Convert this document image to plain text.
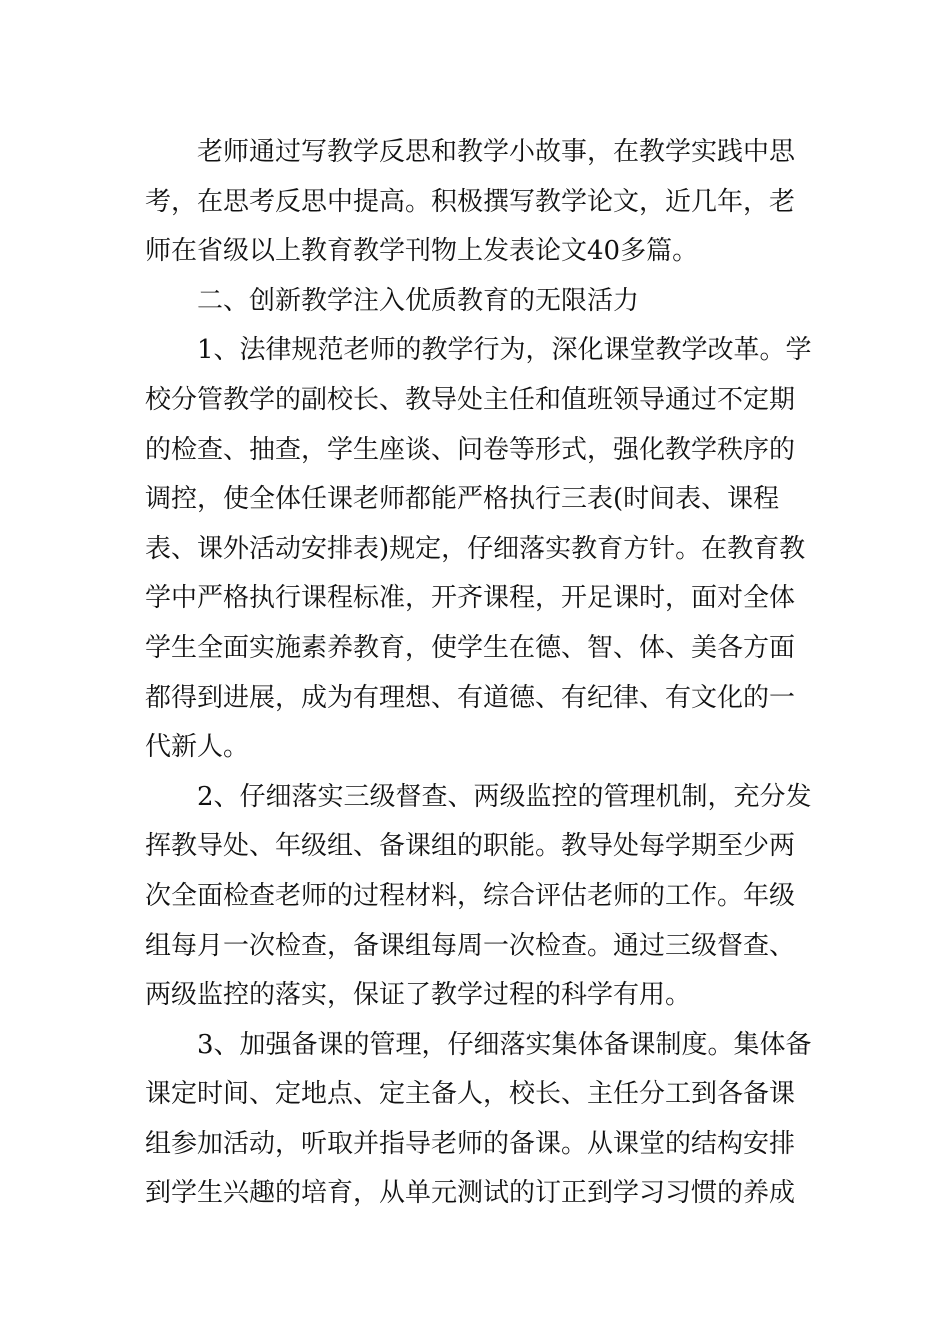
老师通过写教学反思和教学小故事，在教学实践中思考，在思考反思中提高。积极撰写教学论文，近几年，老师在省级以上教育教学刊物上发表论文40多篇。

二、创新教学注入优质教育的无限活力

1、法律规范老师的教学行为，深化课堂教学改革。学校分管教学的副校长、教导处主任和值班领导通过不定期的检查、抽查，学生座谈、问卷等形式，强化教学秩序的调控，使全体任课老师都能严格执行三表(时间表、课程表、课外活动安排表)规定，仔细落实教育方针。在教育教学中严格执行课程标准，开齐课程，开足课时，面对全体学生全面实施素养教育，使学生在德、智、体、美各方面都得到进展，成为有理想、有道德、有纪律、有文化的一代新人。

2、仔细落实三级督查、两级监控的管理机制，充分发挥教导处、年级组、备课组的职能。教导处每学期至少两次全面检查老师的过程材料，综合评估老师的工作。年级组每月一次检查，备课组每周一次检查。通过三级督查、两级监控的落实，保证了教学过程的科学有用。

3、加强备课的管理，仔细落实集体备课制度。集体备课定时间、定地点、定主备人，校长、主任分工到各备课组参加活动，听取并指导老师的备课。从课堂的结构安排到学生兴趣的培育，从单元测试的订正到学习习惯的养成
